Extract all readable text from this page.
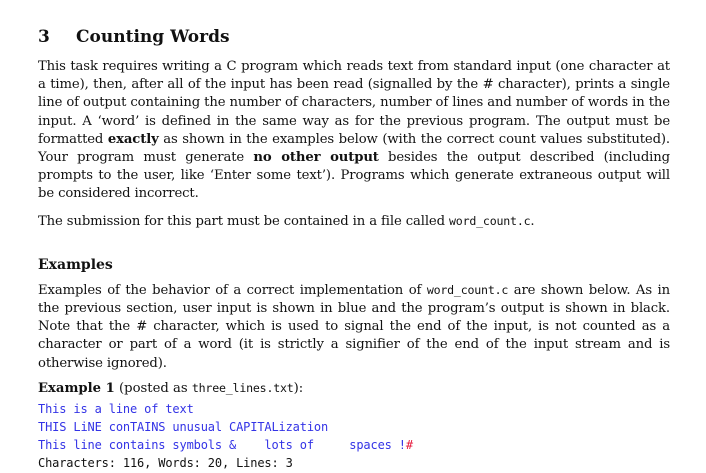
3 Counting Words

This task requires writing a C program which reads text from standard input (one character at a time), then, after all of the input has been read (signalled by the # character), prints a single line of output containing the number of characters, number of lines and number of words in the input. A ‘word’ is defined in the same way as for the previous program. The output must be formatted exactly as shown in the examples below (with the correct count values substituted). Your program must generate no other output besides the output described (including prompts to the user, like ‘Enter some text’). Programs which generate extraneous output will be considered incorrect.

The submission for this part must be contained in a file called word_count.c.

Examples

Examples of the behavior of a correct implementation of word_count.c are shown below. As in the previous section, user input is shown in blue and the program’s output is shown in black. Note that the # character, which is used to signal the end of the input, is not counted as a character or part of a word (it is strictly a signifier of the end of the input stream and is otherwise ignored).

Example 1 (posted as three_lines.txt):
This is a line of text
THIS LiNE conTAINS unusual CAPITALization
This line contains symbols &    lots of     spaces !#
Characters: 116, Words: 20, Lines: 3
